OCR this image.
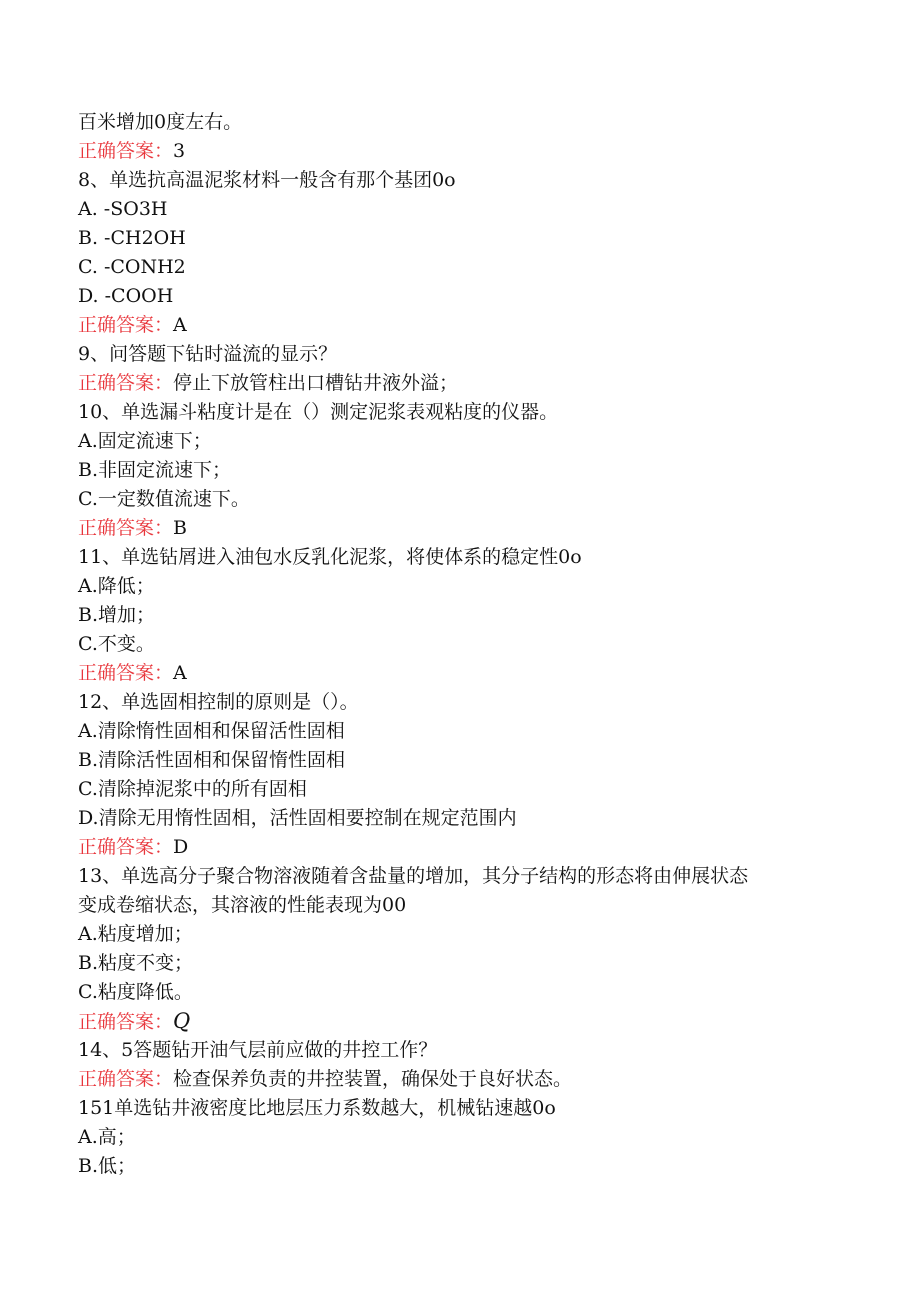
百米增加0度左右。
正确答案：3
8、单选抗高温泥浆材料一般含有那个基团0o
A. -SO3H
B. -CH2OH
C. -CONH2
D. -COOH
正确答案：A
9、问答题下钻时溢流的显示？
正确答案：停止下放管柱出口槽钻井液外溢；
10、单选漏斗粘度计是在（）测定泥浆表观粘度的仪器。
A.固定流速下；
B.非固定流速下；
C.一定数值流速下。
正确答案：B
11、单选钻屑进入油包水反乳化泥浆，将使体系的稳定性0o
A.降低；
B.增加；
C.不变。
正确答案：A
12、单选固相控制的原则是（）。
A.清除惰性固相和保留活性固相
B.清除活性固相和保留惰性固相
C.清除掉泥浆中的所有固相
D.清除无用惰性固相，活性固相要控制在规定范围内
正确答案：D
13、单选高分子聚合物溶液随着含盐量的增加，其分子结构的形态将由伸展状态
变成卷缩状态，其溶液的性能表现为00
A.粘度增加；
B.粘度不变；
C.粘度降低。
正确答案：Q
14、5答题钻开油气层前应做的井控工作？
正确答案：检查保养负责的井控装置，确保处于良好状态。
151单选钻井液密度比地层压力系数越大，机械钻速越0o
A.高；
B.低；
